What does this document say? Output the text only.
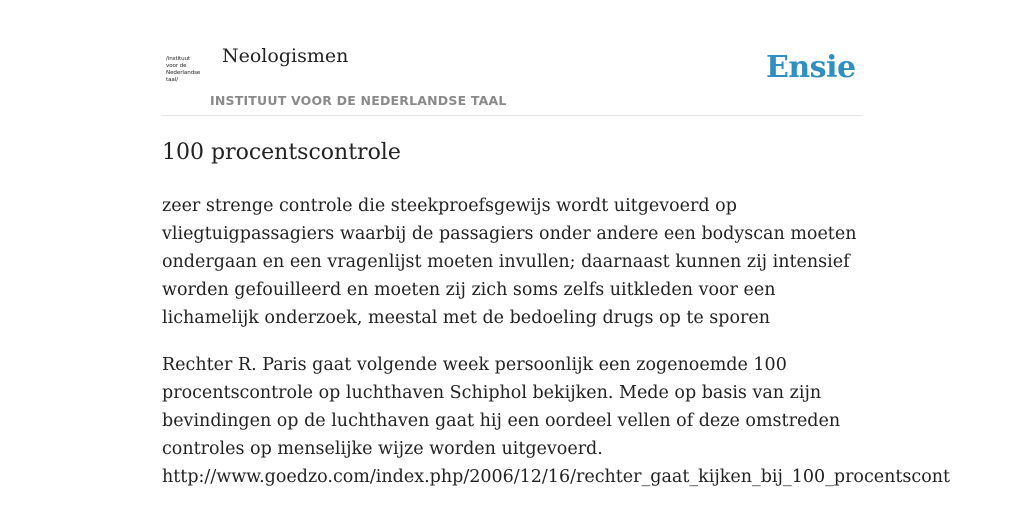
/instituut
voor de
Nederlandse
taal/
Neologismen
INSTITUUT VOOR DE NEDERLANDSE TAAL
Ensie
100 procentscontrole

zeer strenge controle die steekproefsgewijs wordt uitgevoerd op vliegtuigpassagiers waarbij de passagiers onder andere een bodyscan moeten ondergaan en een vragenlijst moeten invullen; daarnaast kunnen zij intensief worden gefouilleerd en moeten zij zich soms zelfs uitkleden voor een lichamelijk onderzoek, meestal met de bedoeling drugs op te sporen

Rechter R. Paris gaat volgende week persoonlijk een zogenoemde 100
procentscontrole op luchthaven Schiphol bekijken. Mede op basis van zijn
bevindingen op de luchthaven gaat hij een oordeel vellen of deze omstreden
controles op menselijke wijze worden uitgevoerd.
http://www.goedzo.com/index.php/2006/12/16/rechter_gaat_kijken_bij_100_procentscont
